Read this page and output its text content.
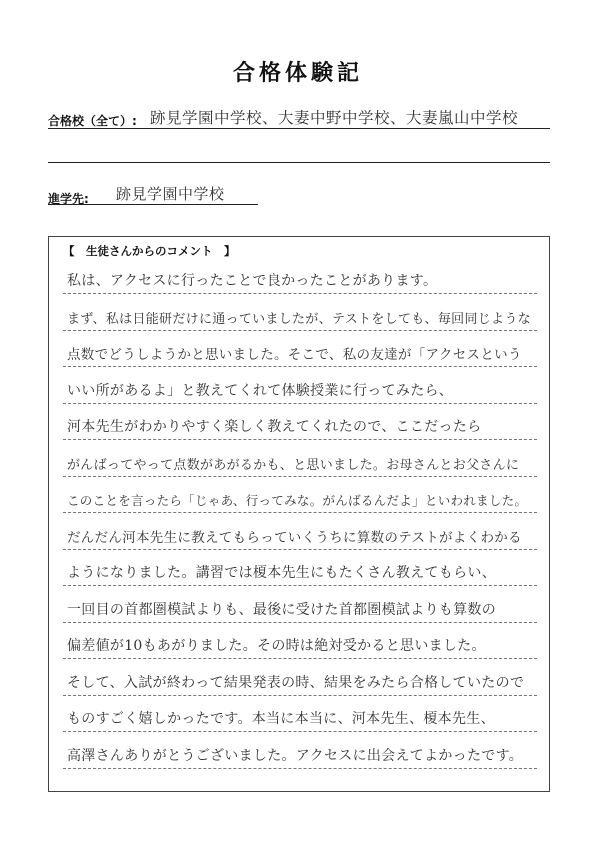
合格体験記
合格校（全て）: 跡見学園中学校、大妻中野中学校、大妻嵐山中学校
進学先: 跡見学園中学校
【　生徒さんからのコメント　】
私は、アクセスに行ったことで良かったことがあります。
まず、私は日能研だけに通っていましたが、テストをしても、毎回同じような
点数でどうしようかと思いました。そこで、私の友達が「アクセスという
いい所があるよ」と教えてくれて体験授業に行ってみたら、
河本先生がわかりやすく楽しく教えてくれたので、ここだったら
がんばってやって点数があがるかも、と思いました。お母さんとお父さんに
このことを言ったら「じゃあ、行ってみな。がんばるんだよ」といわれました。
だんだん河本先生に教えてもらっていくうちに算数のテストがよくわかる
ようになりました。講習では榎本先生にもたくさん教えてもらい、
一回目の首都圏模試よりも、最後に受けた首都圏模試よりも算数の
偏差値が10もあがりました。その時は絶対受かると思いました。
そして、入試が終わって結果発表の時、結果をみたら合格していたので
ものすごく嬉しかったです。本当に本当に、河本先生、榎本先生、
高澤さんありがとうございました。アクセスに出会えてよかったです。
